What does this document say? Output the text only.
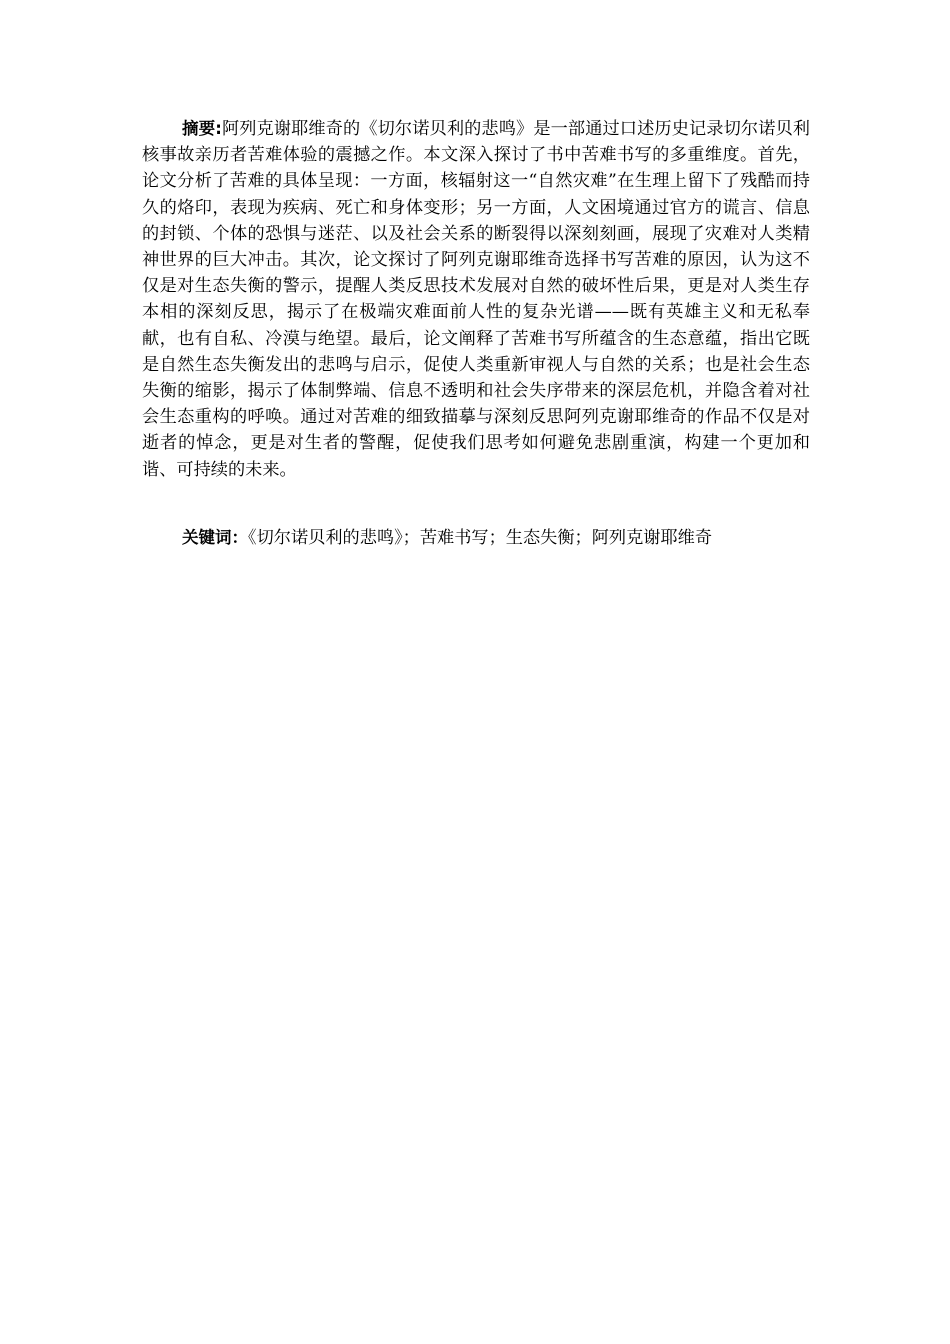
摘要:阿列克谢耶维奇的《切尔诺贝利的悲鸣》是一部通过口述历史记录切尔诺贝利核事故亲历者苦难体验的震撼之作。本文深入探讨了书中苦难书写的多重维度。首先，论文分析了苦难的具体呈现：一方面，核辐射这一“自然灾难”在生理上留下了残酷而持久的烙印，表现为疾病、死亡和身体变形；另一方面，人文困境通过官方的谎言、信息的封锁、个体的恐惧与迷茫、以及社会关系的断裂得以深刻刻画，展现了灾难对人类精神世界的巨大冲击。其次，论文探讨了阿列克谢耶维奇选择书写苦难的原因，认为这不仅是对生态失衡的警示，提醒人类反思技术发展对自然的破坏性后果，更是对人类生存本相的深刻反思，揭示了在极端灾难面前人性的复杂光谱——既有英雄主义和无私奉献，也有自私、冷漠与绝望。最后，论文阐释了苦难书写所蕴含的生态意蕴，指出它既是自然生态失衡发出的悲鸣与启示，促使人类重新审视人与自然的关系；也是社会生态失衡的缩影，揭示了体制弊端、信息不透明和社会失序带来的深层危机，并隐含着对社会生态重构的呼唤。通过对苦难的细致描摹与深刻反思阿列克谢耶维奇的作品不仅是对逝者的悼念，更是对生者的警醒，促使我们思考如何避免悲剧重演，构建一个更加和谐、可持续的未来。

关键词：《切尔诺贝利的悲鸣》；苦难书写；生态失衡；阿列克谢耶维奇
